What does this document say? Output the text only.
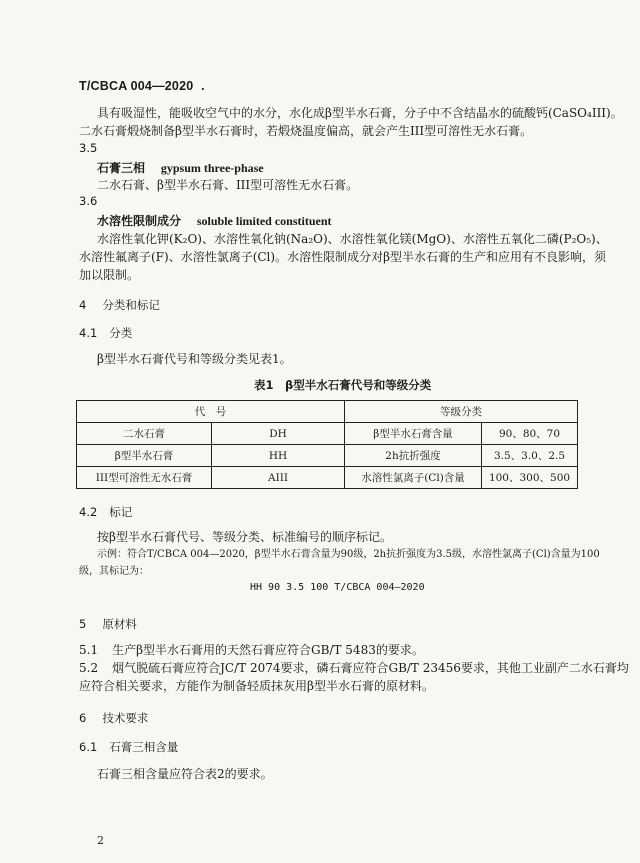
T/CBCA 004—2020 .
具有吸湿性，能吸收空气中的水分，水化成β型半水石膏，分子中不含结晶水的硫酸钙(CaSO₄III)。
二水石膏煅烧制备β型半水石膏时，若煅烧温度偏高，就会产生III型可溶性无水石膏。
3.5
石膏三相 gypsum three-phase
二水石膏、β型半水石膏、III型可溶性无水石膏。
3.6
水溶性限制成分 soluble limited constituent
水溶性氧化钾(K₂O)、水溶性氧化钠(Na₂O)、水溶性氧化镁(MgO)、水溶性五氧化二磷(P₂O₅)、
水溶性氟离子(F)、水溶性氯离子(Cl)。水溶性限制成分对β型半水石膏的生产和应用有不良影响，须
加以限制。
4 分类和标记
4.1 分类
β型半水石膏代号和等级分类见表1。
表1　β型半水石膏代号和等级分类
代　号		等级分类	
二水石膏	DH	β型半水石膏含量	90、80、70
β型半水石膏	HH	2h抗折强度	3.5、3.0、2.5
III型可溶性无水石膏	AIII	水溶性氯离子(Cl)含量	100、300、500
4.2 标记
按β型半水石膏代号、等级分类、标准编号的顺序标记。
示例：符合T/CBCA 004—2020，β型半水石膏含量为90级，2h抗折强度为3.5级，水溶性氯离子(Cl)含量为100
级，其标记为：
HH 90 3.5 100 T/CBCA 004—2020
5 原材料
5.1 生产β型半水石膏用的天然石膏应符合GB/T 5483的要求。
5.2 烟气脱硫石膏应符合JC/T 2074要求，磷石膏应符合GB/T 23456要求，其他工业副产二水石膏均
应符合相关要求，方能作为制备轻质抹灰用β型半水石膏的原材料。
6 技术要求
6.1 石膏三相含量
石膏三相含量应符合表2的要求。
2
